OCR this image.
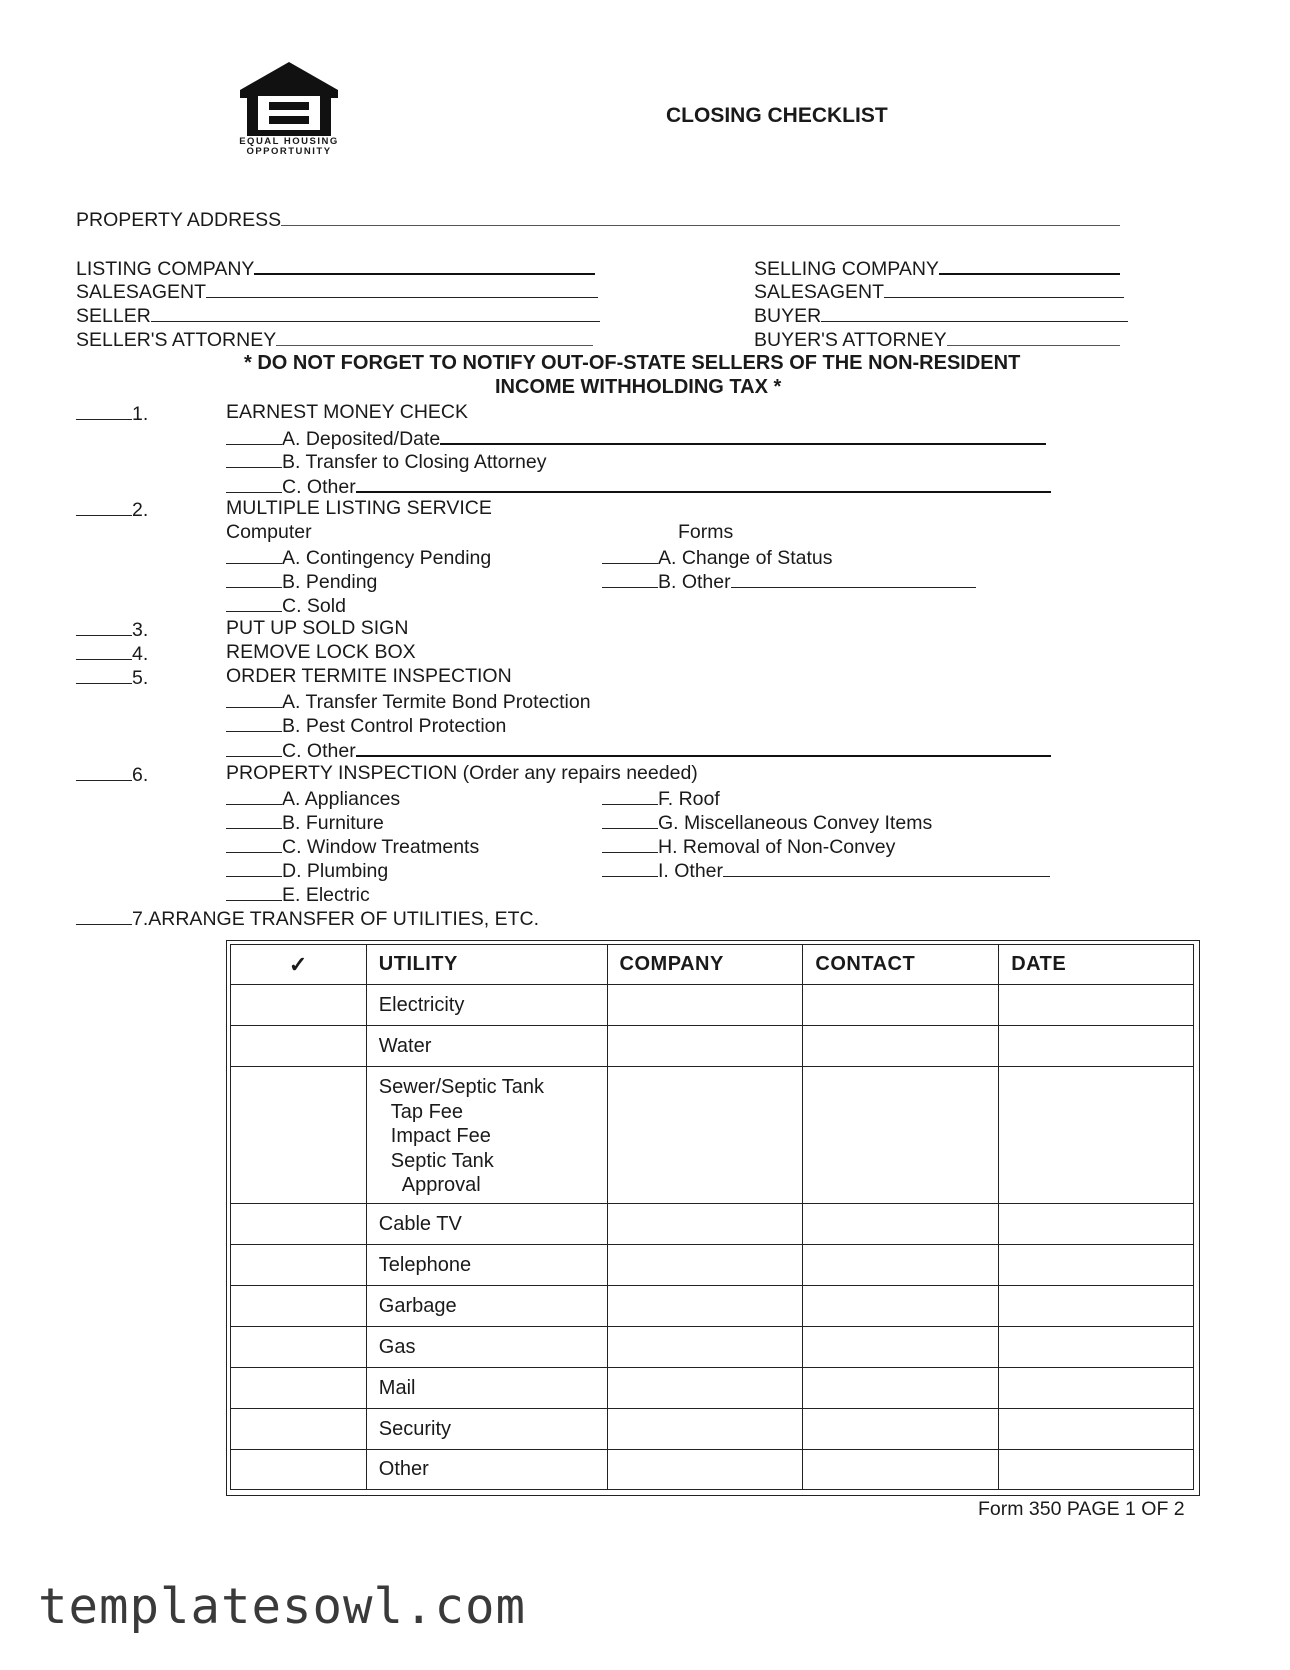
EQUAL HOUSING
OPPORTUNITY
CLOSING CHECKLIST
PROPERTY ADDRESS
LISTING COMPANY
SALESAGENT
SELLER
SELLER'S ATTORNEY
SELLING COMPANY
SALESAGENT
BUYER
BUYER'S ATTORNEY
* DO NOT FORGET TO NOTIFY OUT-OF-STATE SELLERS OF THE NON-RESIDENT
INCOME WITHHOLDING TAX *
1.	EARNEST MONEY CHECK
A. Deposited/Date
B. Transfer to Closing Attorney
C. Other
2.	MULTIPLE LISTING SERVICE
Computer	Forms
A. Contingency Pending
B. Pending
C. Sold
A. Change of Status
B. Other
3.	PUT UP SOLD SIGN
4.	REMOVE LOCK BOX
5.	ORDER TERMITE INSPECTION
A. Transfer Termite Bond Protection
B. Pest Control Protection
C. Other
6.	PROPERTY INSPECTION (Order any repairs needed)
A. Appliances
B. Furniture
C. Window Treatments
D. Plumbing
E. Electric
F. Roof
G. Miscellaneous Convey Items
H. Removal of Non-Convey
I. Other
7.ARRANGE TRANSFER OF UTILITIES, ETC.
✓	UTILITY	COMPANY	CONTACT	DATE
	Electricity			
	Water			

	Sewer/Septic Tank
Tap Fee
Impact Fee
Septic Tank
Approval			

	Cable TV			
	Telephone			
	Garbage			
	Gas			
	Mail			
	Security			
	Other			
Form 350 PAGE 1 OF 2
templatesowl.com
